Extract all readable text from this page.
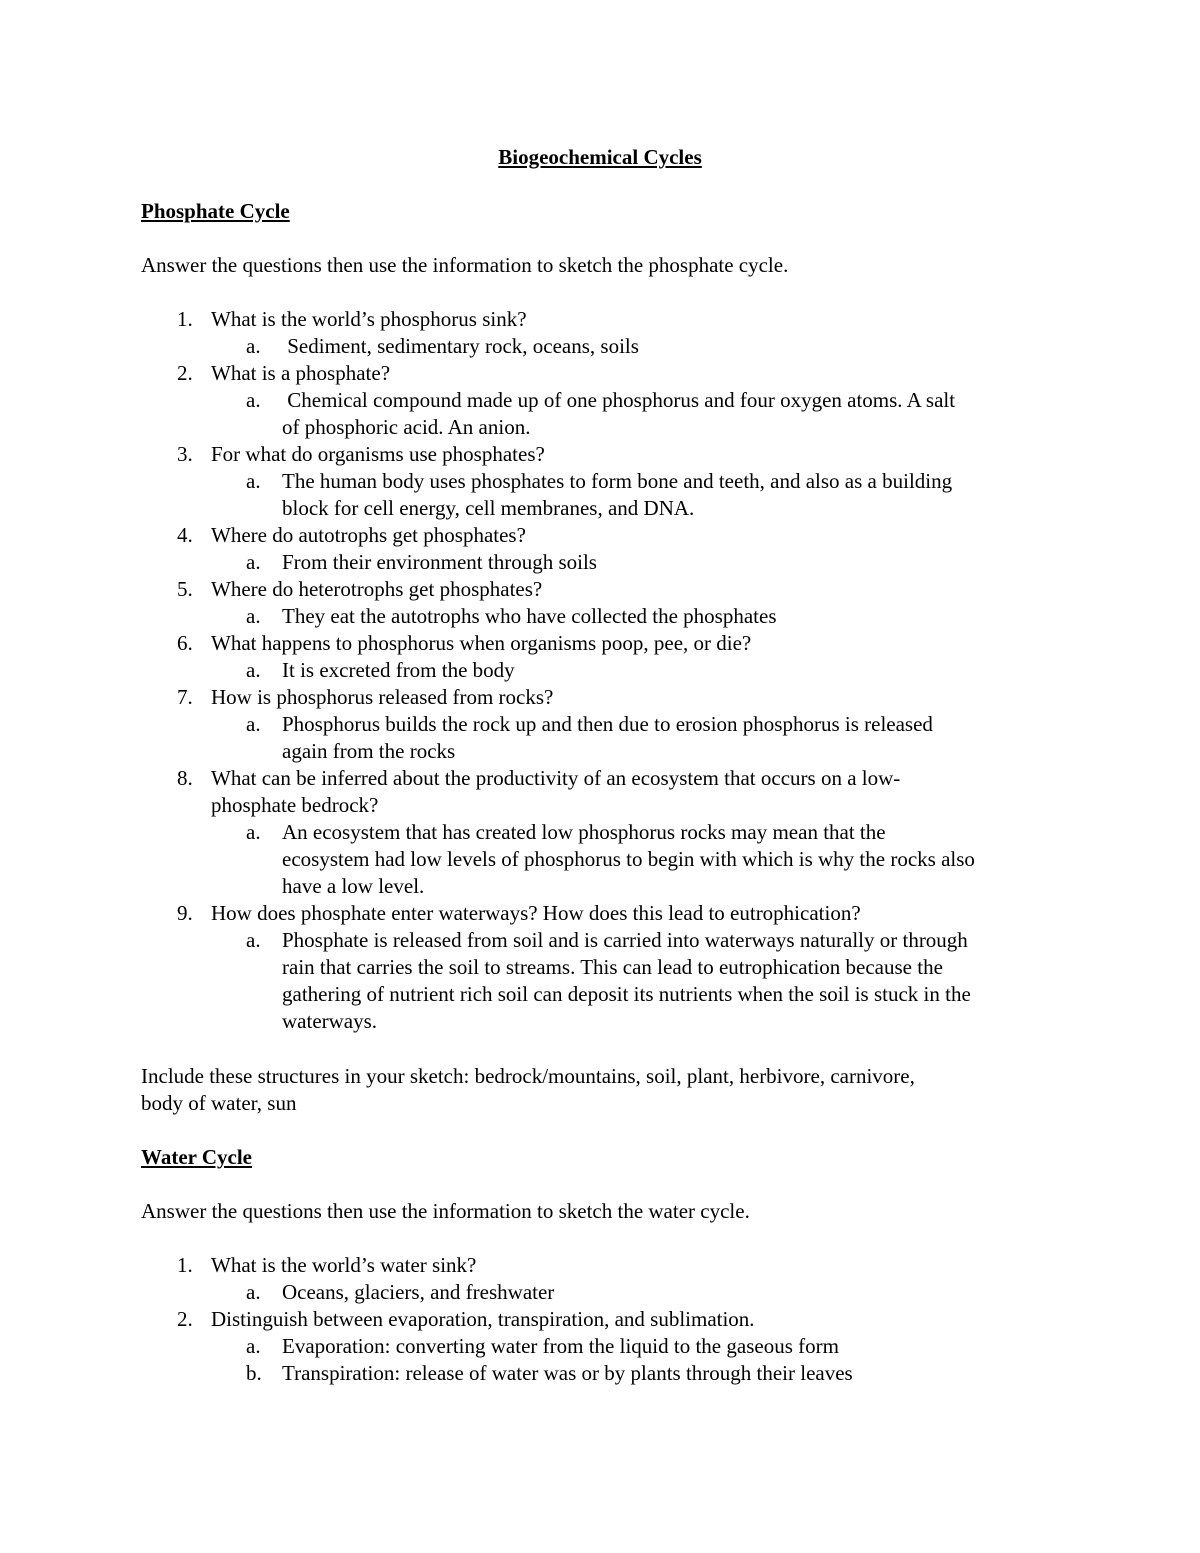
Biogeochemical Cycles
Phosphate Cycle
Answer the questions then use the information to sketch the phosphate cycle.
1. What is the world’s phosphorus sink?
a. Sediment, sedimentary rock, oceans, soils
2. What is a phosphate?
a. Chemical compound made up of one phosphorus and four oxygen atoms. A salt
of phosphoric acid. An anion.
3. For what do organisms use phosphates?
a. The human body uses phosphates to form bone and teeth, and also as a building
block for cell energy, cell membranes, and DNA.
4. Where do autotrophs get phosphates?
a. From their environment through soils
5. Where do heterotrophs get phosphates?
a. They eat the autotrophs who have collected the phosphates
6. What happens to phosphorus when organisms poop, pee, or die?
a. It is excreted from the body
7. How is phosphorus released from rocks?
a. Phosphorus builds the rock up and then due to erosion phosphorus is released
again from the rocks
8. What can be inferred about the productivity of an ecosystem that occurs on a low-
phosphate bedrock?
a. An ecosystem that has created low phosphorus rocks may mean that the
ecosystem had low levels of phosphorus to begin with which is why the rocks also
have a low level.
9. How does phosphate enter waterways? How does this lead to eutrophication?
a. Phosphate is released from soil and is carried into waterways naturally or through
rain that carries the soil to streams. This can lead to eutrophication because the
gathering of nutrient rich soil can deposit its nutrients when the soil is stuck in the
waterways.
Include these structures in your sketch: bedrock/mountains, soil, plant, herbivore, carnivore,
body of water, sun
Water Cycle
Answer the questions then use the information to sketch the water cycle.
1. What is the world’s water sink?
a. Oceans, glaciers, and freshwater
2. Distinguish between evaporation, transpiration, and sublimation.
a. Evaporation: converting water from the liquid to the gaseous form
b. Transpiration: release of water was or by plants through their leaves
